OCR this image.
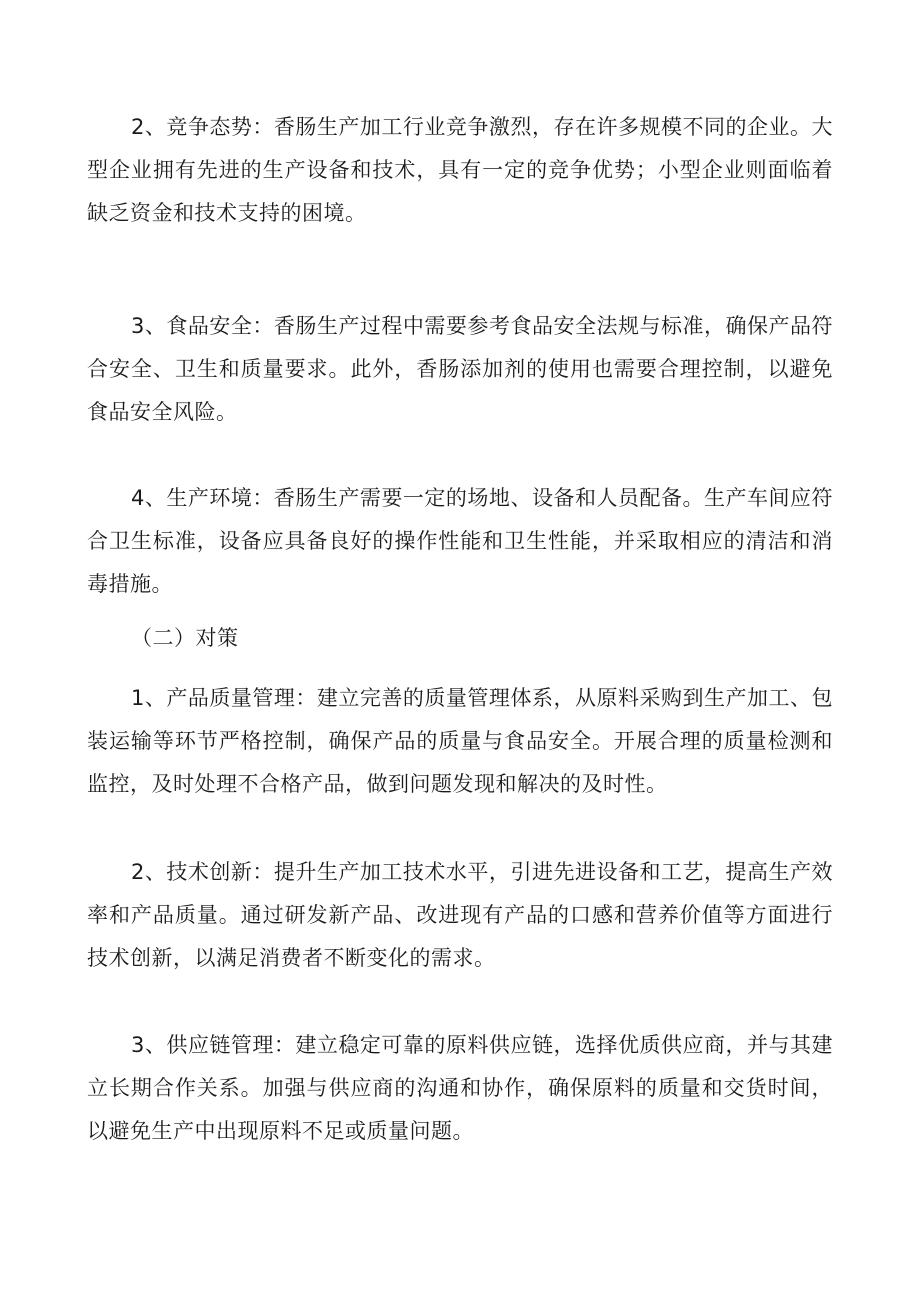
2、竞争态势：香肠生产加工行业竞争激烈，存在许多规模不同的企业。大型企业拥有先进的生产设备和技术，具有一定的竞争优势；小型企业则面临着缺乏资金和技术支持的困境。

3、食品安全：香肠生产过程中需要参考食品安全法规与标准，确保产品符合安全、卫生和质量要求。此外，香肠添加剂的使用也需要合理控制，以避免食品安全风险。

4、生产环境：香肠生产需要一定的场地、设备和人员配备。生产车间应符合卫生标准，设备应具备良好的操作性能和卫生性能，并采取相应的清洁和消毒措施。

（二）对策

1、产品质量管理：建立完善的质量管理体系，从原料采购到生产加工、包装运输等环节严格控制，确保产品的质量与食品安全。开展合理的质量检测和监控，及时处理不合格产品，做到问题发现和解决的及时性。

2、技术创新：提升生产加工技术水平，引进先进设备和工艺，提高生产效率和产品质量。通过研发新产品、改进现有产品的口感和营养价值等方面进行技术创新，以满足消费者不断变化的需求。

3、供应链管理：建立稳定可靠的原料供应链，选择优质供应商，并与其建立长期合作关系。加强与供应商的沟通和协作，确保原料的质量和交货时间，以避免生产中出现原料不足或质量问题。
